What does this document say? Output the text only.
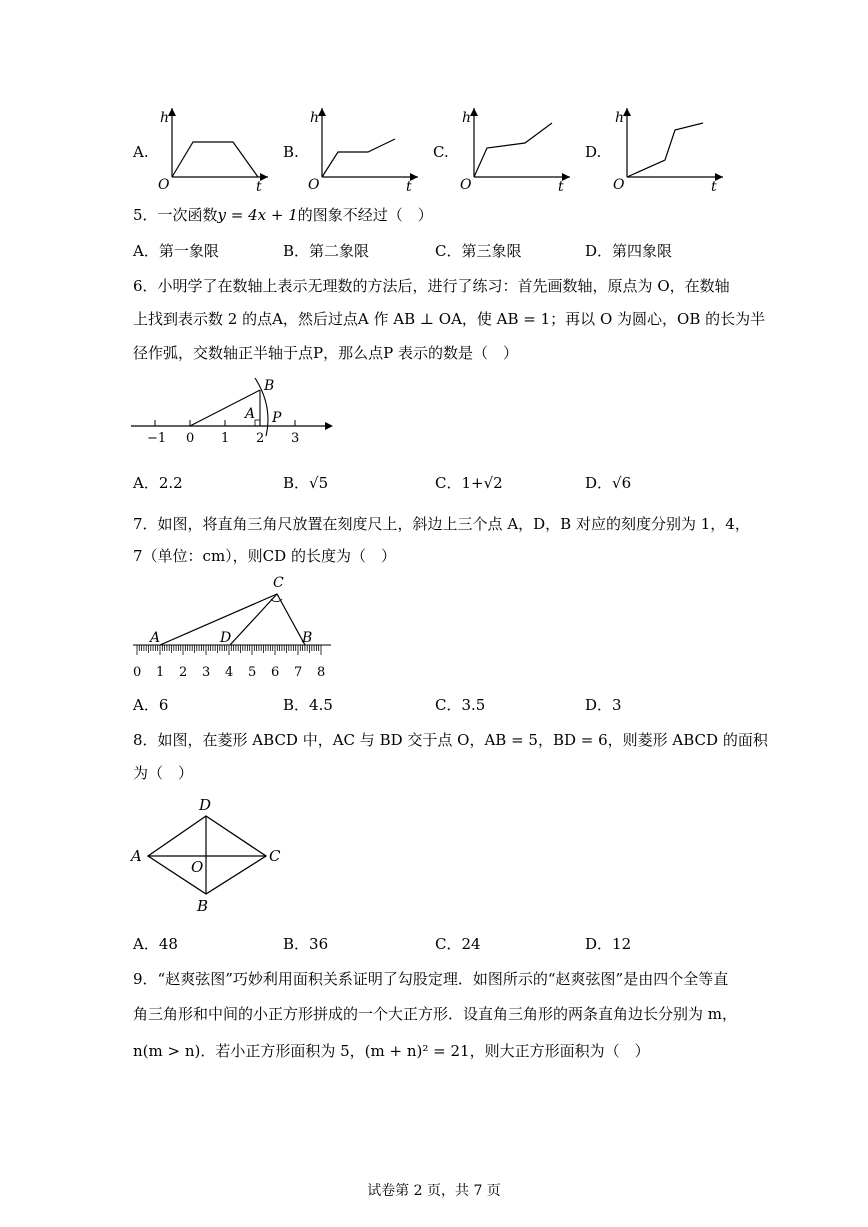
A.
h
O	t
B.
h
O	t
C.
h
O	t
D.
h
O	t
5．一次函数y = 4x + 1的图象不经过（　）
A．第一象限	B．第二象限	C．第三象限	D．第四象限
6．小明学了在数轴上表示无理数的方法后，进行了练习：首先画数轴，原点为 O，在数轴
上找到表示数 2 的点A，然后过点A 作 AB ⊥ OA，使 AB = 1；再以 O 为圆心，OB 的长为半
径作弧，交数轴正半轴于点P，那么点P 表示的数是（　）
B
A P
−1 0 1 2 3
A．2.2	B．√5	C．1+√2	D．√6
7．如图，将直角三角尺放置在刻度尺上，斜边上三个点 A，D，B 对应的刻度分别为 1，4，
7（单位：cm），则CD 的长度为（　）
C
A	D	B
0 1 2 3 4 5 6 7 8
A．6	B．4.5	C．3.5	D．3
8．如图，在菱形 ABCD 中，AC 与 BD 交于点 O，AB = 5，BD = 6，则菱形 ABCD 的面积
为（　）
D
A	C
O
B
A．48	B．36	C．24	D．12
9．“赵爽弦图”巧妙利用面积关系证明了勾股定理．如图所示的“赵爽弦图”是由四个全等直
角三角形和中间的小正方形拼成的一个大正方形．设直角三角形的两条直角边长分别为 m，
n(m > n)．若小正方形面积为 5，(m + n)² = 21，则大正方形面积为（　）
试卷第 2 页，共 7 页
